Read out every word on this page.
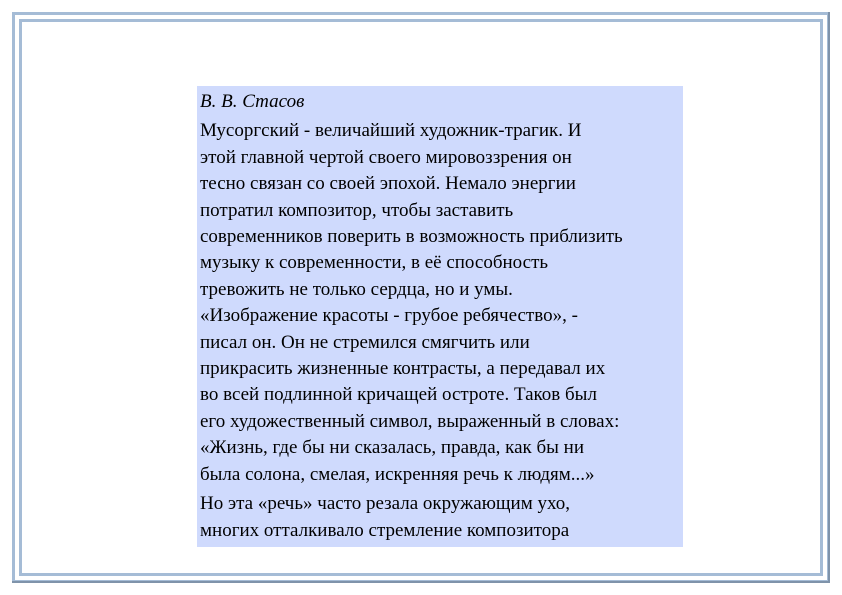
В. В. Стасов
Мусоргский - величайший художник-трагик. И
этой главной чертой своего мировоззрения он
тесно связан со своей эпохой. Немало энергии
потратил композитор, чтобы заставить
современников поверить в возможность приблизить
музыку к современности, в её способность
тревожить не только сердца, но и умы.
«Изображение красоты - грубое ребячество», -
писал он. Он не стремился смягчить или
прикрасить жизненные контрасты, а передавал их
во всей подлинной кричащей остроте. Таков был
его художественный символ, выраженный в словах:
«Жизнь, где бы ни сказалась, правда, как бы ни
была солона, смелая, искренняя речь к людям...»
Но эта «речь» часто резала окружающим ухо,
многих отталкивало стремление композитора
